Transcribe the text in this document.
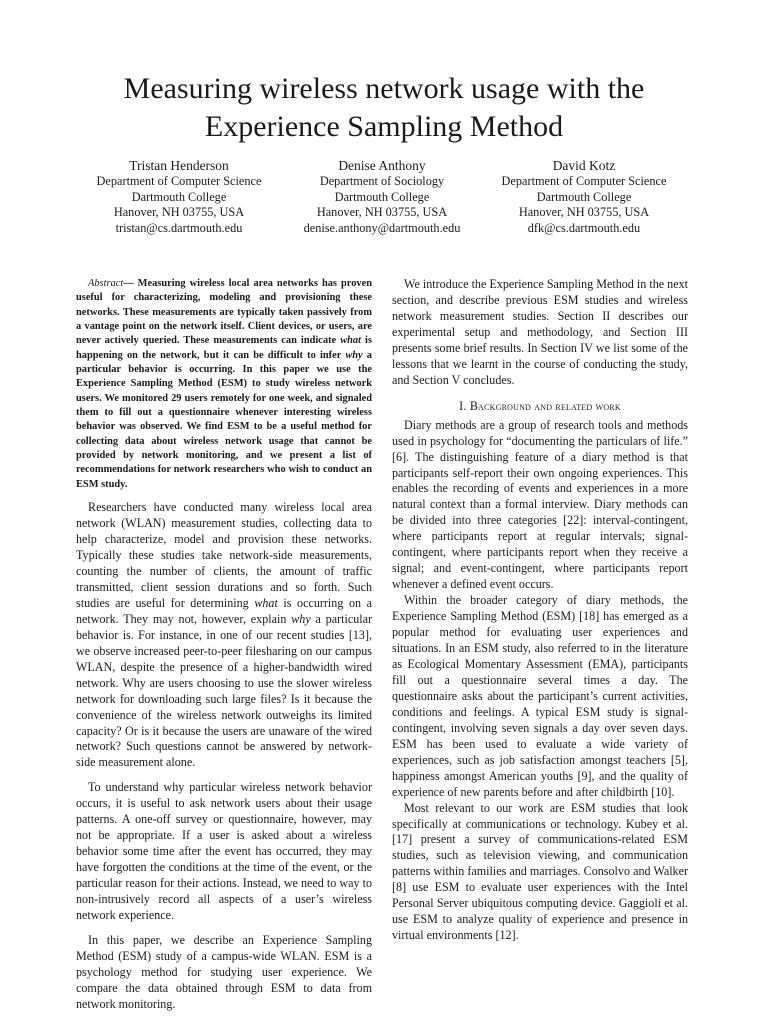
Measuring wireless network usage with the
Experience Sampling Method
Tristan Henderson
Department of Computer Science
Dartmouth College
Hanover, NH 03755, USA
tristan@cs.dartmouth.edu
Denise Anthony
Department of Sociology
Dartmouth College
Hanover, NH 03755, USA
denise.anthony@dartmouth.edu
David Kotz
Department of Computer Science
Dartmouth College
Hanover, NH 03755, USA
dfk@cs.dartmouth.edu

Abstract— Measuring wireless local area networks has proven useful for characterizing, modeling and provisioning these networks. These measurements are typically taken passively from a vantage point on the network itself. Client devices, or users, are never actively queried. These measurements can indicate what is happening on the network, but it can be difficult to infer why a particular behavior is occurring. In this paper we use the Experience Sampling Method (ESM) to study wireless network users. We monitored 29 users remotely for one week, and signaled them to fill out a questionnaire whenever interesting wireless behavior was observed. We find ESM to be a useful method for collecting data about wireless network usage that cannot be provided by network monitoring, and we present a list of recommendations for network researchers who wish to conduct an ESM study.

Researchers have conducted many wireless local area network (WLAN) measurement studies, collecting data to help characterize, model and provision these networks. Typically these studies take network-side measurements, counting the number of clients, the amount of traffic transmitted, client session durations and so forth. Such studies are useful for determining what is occurring on a network. They may not, however, explain why a particular behavior is. For instance, in one of our recent studies [13], we observe increased peer-to-peer filesharing on our campus WLAN, despite the presence of a higher-bandwidth wired network. Why are users choosing to use the slower wireless network for downloading such large files? Is it because the convenience of the wireless network outweighs its limited capacity? Or is it because the users are unaware of the wired network? Such questions cannot be answered by network-side measurement alone.

To understand why particular wireless network behavior occurs, it is useful to ask network users about their usage patterns. A one-off survey or questionnaire, however, may not be appropriate. If a user is asked about a wireless behavior some time after the event has occurred, they may have forgotten the conditions at the time of the event, or the particular reason for their actions. Instead, we need to way to non-intrusively record all aspects of a user’s wireless network experience.

In this paper, we describe an Experience Sampling Method (ESM) study of a campus-wide WLAN. ESM is a psychology method for studying user experience. We compare the data obtained through ESM to data from network monitoring.

We introduce the Experience Sampling Method in the next section, and describe previous ESM studies and wireless network measurement studies. Section II describes our experimental setup and methodology, and Section III presents some brief results. In Section IV we list some of the lessons that we learnt in the course of conducting the study, and Section V concludes.

I. Background and related work

Diary methods are a group of research tools and methods used in psychology for “documenting the particulars of life.” [6]. The distinguishing feature of a diary method is that participants self-report their own ongoing experiences. This enables the recording of events and experiences in a more natural context than a formal interview. Diary methods can be divided into three categories [22]: interval-contingent, where participants report at regular intervals; signal-contingent, where participants report when they receive a signal; and event-contingent, where participants report whenever a defined event occurs.

Within the broader category of diary methods, the Experience Sampling Method (ESM) [18] has emerged as a popular method for evaluating user experiences and situations. In an ESM study, also referred to in the literature as Ecological Momentary Assessment (EMA), participants fill out a questionnaire several times a day. The questionnaire asks about the participant’s current activities, conditions and feelings. A typical ESM study is signal-contingent, involving seven signals a day over seven days. ESM has been used to evaluate a wide variety of experiences, such as job satisfaction amongst teachers [5], happiness amongst American youths [9], and the quality of experience of new parents before and after childbirth [10].

Most relevant to our work are ESM studies that look specifically at communications or technology. Kubey et al. [17] present a survey of communications-related ESM studies, such as television viewing, and communication patterns within families and marriages. Consolvo and Walker [8] use ESM to evaluate user experiences with the Intel Personal Server ubiquitous computing device. Gaggioli et al. use ESM to analyze quality of experience and presence in virtual environments [12].
